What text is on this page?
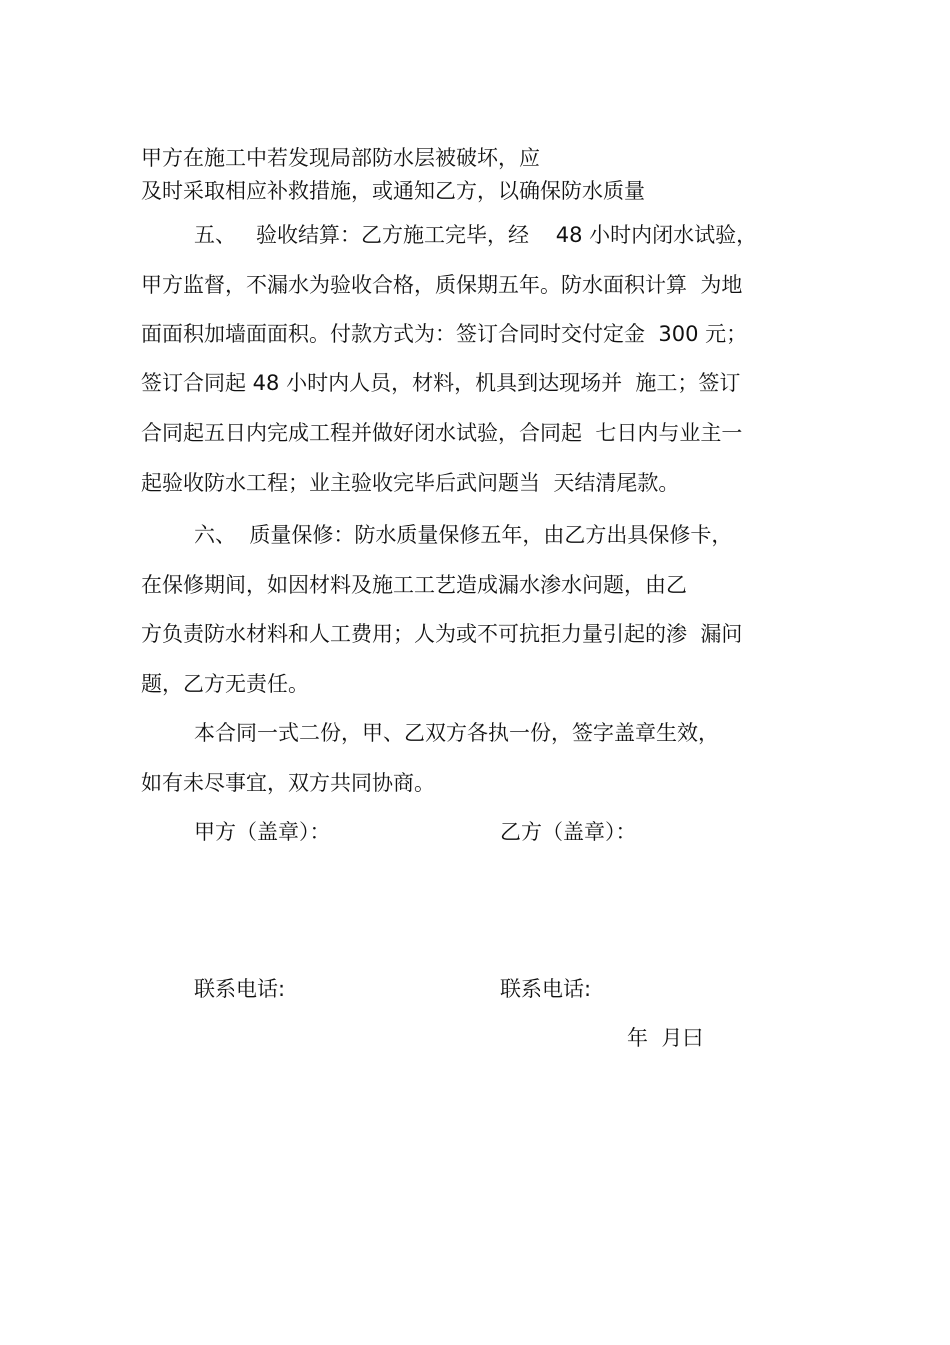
甲方在施工中若发现局部防水层被破坏，应
及时采取相应补救措施，或通知乙方，以确保防水质量
五、   验收结算：乙方施工完毕，经    48 小时内闭水试验，
甲方监督，不漏水为验收合格，质保期五年。防水面积计算  为地
面面积加墙面面积。付款方式为：签订合同时交付定金  300 元；
签订合同起 48 小时内人员，材料，机具到达现场并  施工；签订
合同起五日内完成工程并做好闭水试验，合同起  七日内与业主一
起验收防水工程；业主验收完毕后武问题当  天结清尾款。
六、  质量保修：防水质量保修五年，由乙方出具保修卡，
在保修期间，如因材料及施工工艺造成漏水渗水问题，由乙
方负责防水材料和人工费用；人为或不可抗拒力量引起的渗  漏问
题，乙方无责任。
本合同一式二份，甲、乙双方各执一份，签字盖章生效，
如有未尽事宜，双方共同协商。
甲方（盖章）：	乙方（盖章）：
联系电话:	联系电话:
年  月曰
